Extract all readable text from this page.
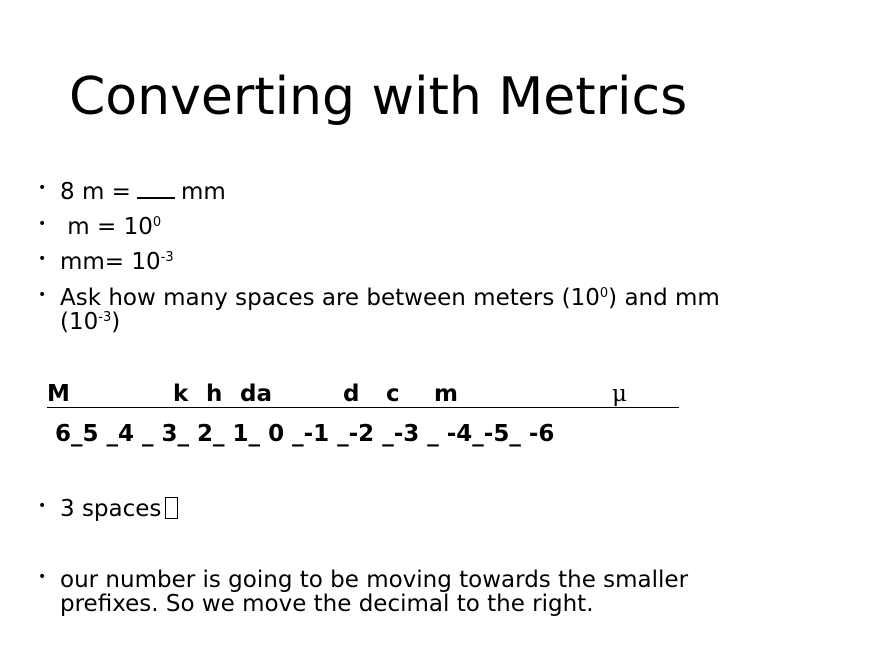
Converting with Metrics
• 8 m = mm
• $m = 10^0$
• $mm= 10^{-3}$
• Ask how many spaces are between meters $(10^0)$ and mm
$(10^{-3})$
M	k h da	d c m	μ
6_5 _4 _ 3_ 2_ 1_ 0 _-1 _-2 _-3 _ -4_-5_ -6
• 3 spaces
• our number is going to be moving towards the smaller
prefixes. So we move the decimal to the right.
